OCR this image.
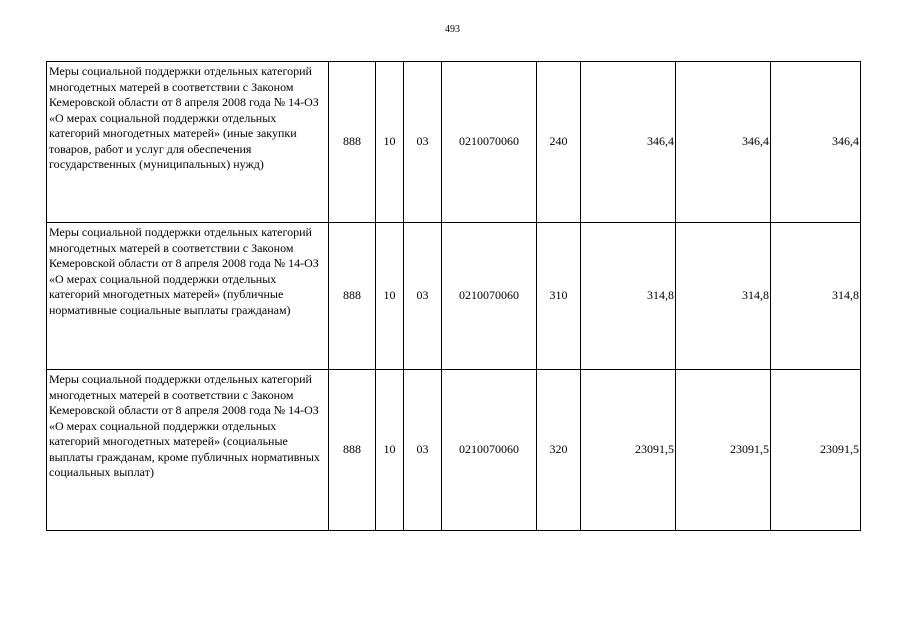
493
Меры социальной поддержки отдельных категорий многодетных матерей в соответствии с Законом Кемеровской области от 8 апреля 2008 года № 14-ОЗ «О мерах социальной поддержки отдельных категорий многодетных матерей» (иные закупки товаров, работ и услуг для обеспечения государственных (муниципальных) нужд)	888	10	03	0210070060	240	346,4	346,4	346,4
Меры социальной поддержки отдельных категорий многодетных матерей в соответствии с Законом Кемеровской области от 8 апреля 2008 года № 14-ОЗ «О мерах социальной поддержки отдельных категорий многодетных матерей» (публичные нормативные социальные выплаты гражданам)	888	10	03	0210070060	310	314,8	314,8	314,8
Меры социальной поддержки отдельных категорий многодетных матерей в соответствии с Законом Кемеровской области от 8 апреля 2008 года № 14-ОЗ «О мерах социальной поддержки отдельных категорий многодетных матерей» (социальные выплаты гражданам, кроме публичных нормативных социальных выплат)	888	10	03	0210070060	320	23091,5	23091,5	23091,5
